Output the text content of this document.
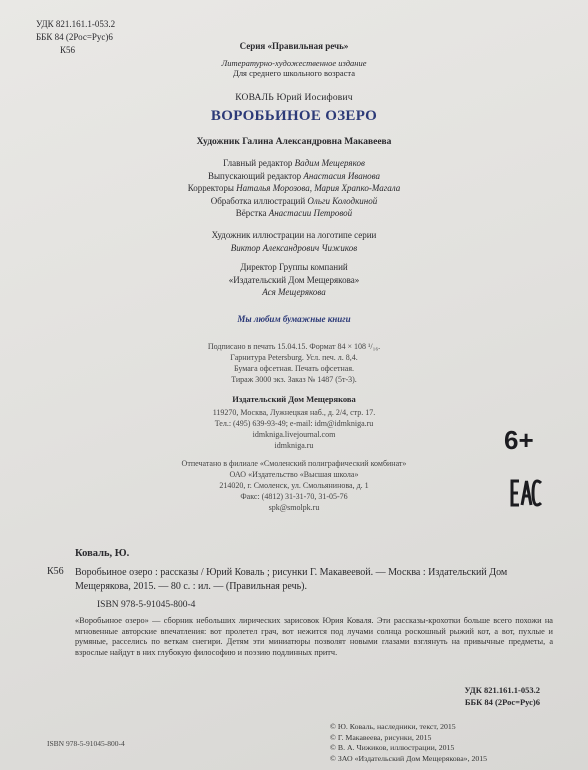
УДК 821.161.1-053.2
ББК 84 (2Рос=Рус)6
К56	Серия «Правильная речь»
Литературно-художественное издание
Для среднего школьного возраста
КОВАЛЬ Юрий Иосифович
ВОРОБЬИНОЕ ОЗЕРО
Художник Галина Александровна Макавеева
Главный редактор Вадим Мещеряков
Выпускающий редактор Анастасия Иванова
Корректоры Наталья Морозова, Мария Храпко-Магала
Обработка иллюстраций Ольги Колодкиной
Вёрстка Анастасии Петровой
Художник иллюстрации на логотипе серии
Виктор Александрович Чижиков
Директор Группы компаний
«Издательский Дом Мещерякова»
Ася Мещерякова
Мы любим бумажные книги
Подписано в печать 15.04.15. Формат 84 × 108 ¹/₁₆.
Гарнитура Petersburg. Усл. печ. л. 8,4.
Бумага офсетная. Печать офсетная.
Тираж 3000 экз. Заказ № 1487 (5т-3).
Издательский Дом Мещерякова
119270, Москва, Лужнецкая наб., д. 2/4, стр. 17.
Тел.: (495) 639-93-49; e-mail: idm@idmkniga.ru
idmkniga.livejournal.com
idmkniga.ru	6+
Отпечатано в филиале «Смоленский полиграфический комбинат»
ОАО «Издательство «Высшая школа»
214020, г. Смоленск, ул. Смольянинова, д. 1
Факс: (4812) 31-31-70, 31-05-76
spk@smolpk.ru
Коваль, Ю.
К56 Воробьиное озеро : рассказы / Юрий Коваль ; рисунки Г. Макавеевой. — Москва : Издательский Дом Мещерякова, 2015. — 80 с. : ил. — (Правильная речь).
ISBN 978-5-91045-800-4
«Воробьиное озеро» — сборник небольших лирических зарисовок Юрия Коваля. Эти рассказы-крохотки больше всего похожи на мгновенные авторские впечатления: вот пролетел грач, вот нежится под лучами солнца роскошный рыжий кот, а вот, пухлые и румяные, расселись по веткам снегири. Детям эти миниатюры позволят новыми глазами взглянуть на привычные предметы, а взрослые найдут в них глубокую философию и поэзию подлинных притч.
УДК 821.161.1-053.2
ББК 84 (2Рос=Рус)6
ISBN 978-5-91045-800-4
© Ю. Коваль, наследники, текст, 2015
© Г. Макавеева, рисунки, 2015
© В. А. Чижиков, иллюстрации, 2015
© ЗАО «Издательский Дом Мещерякова», 2015
